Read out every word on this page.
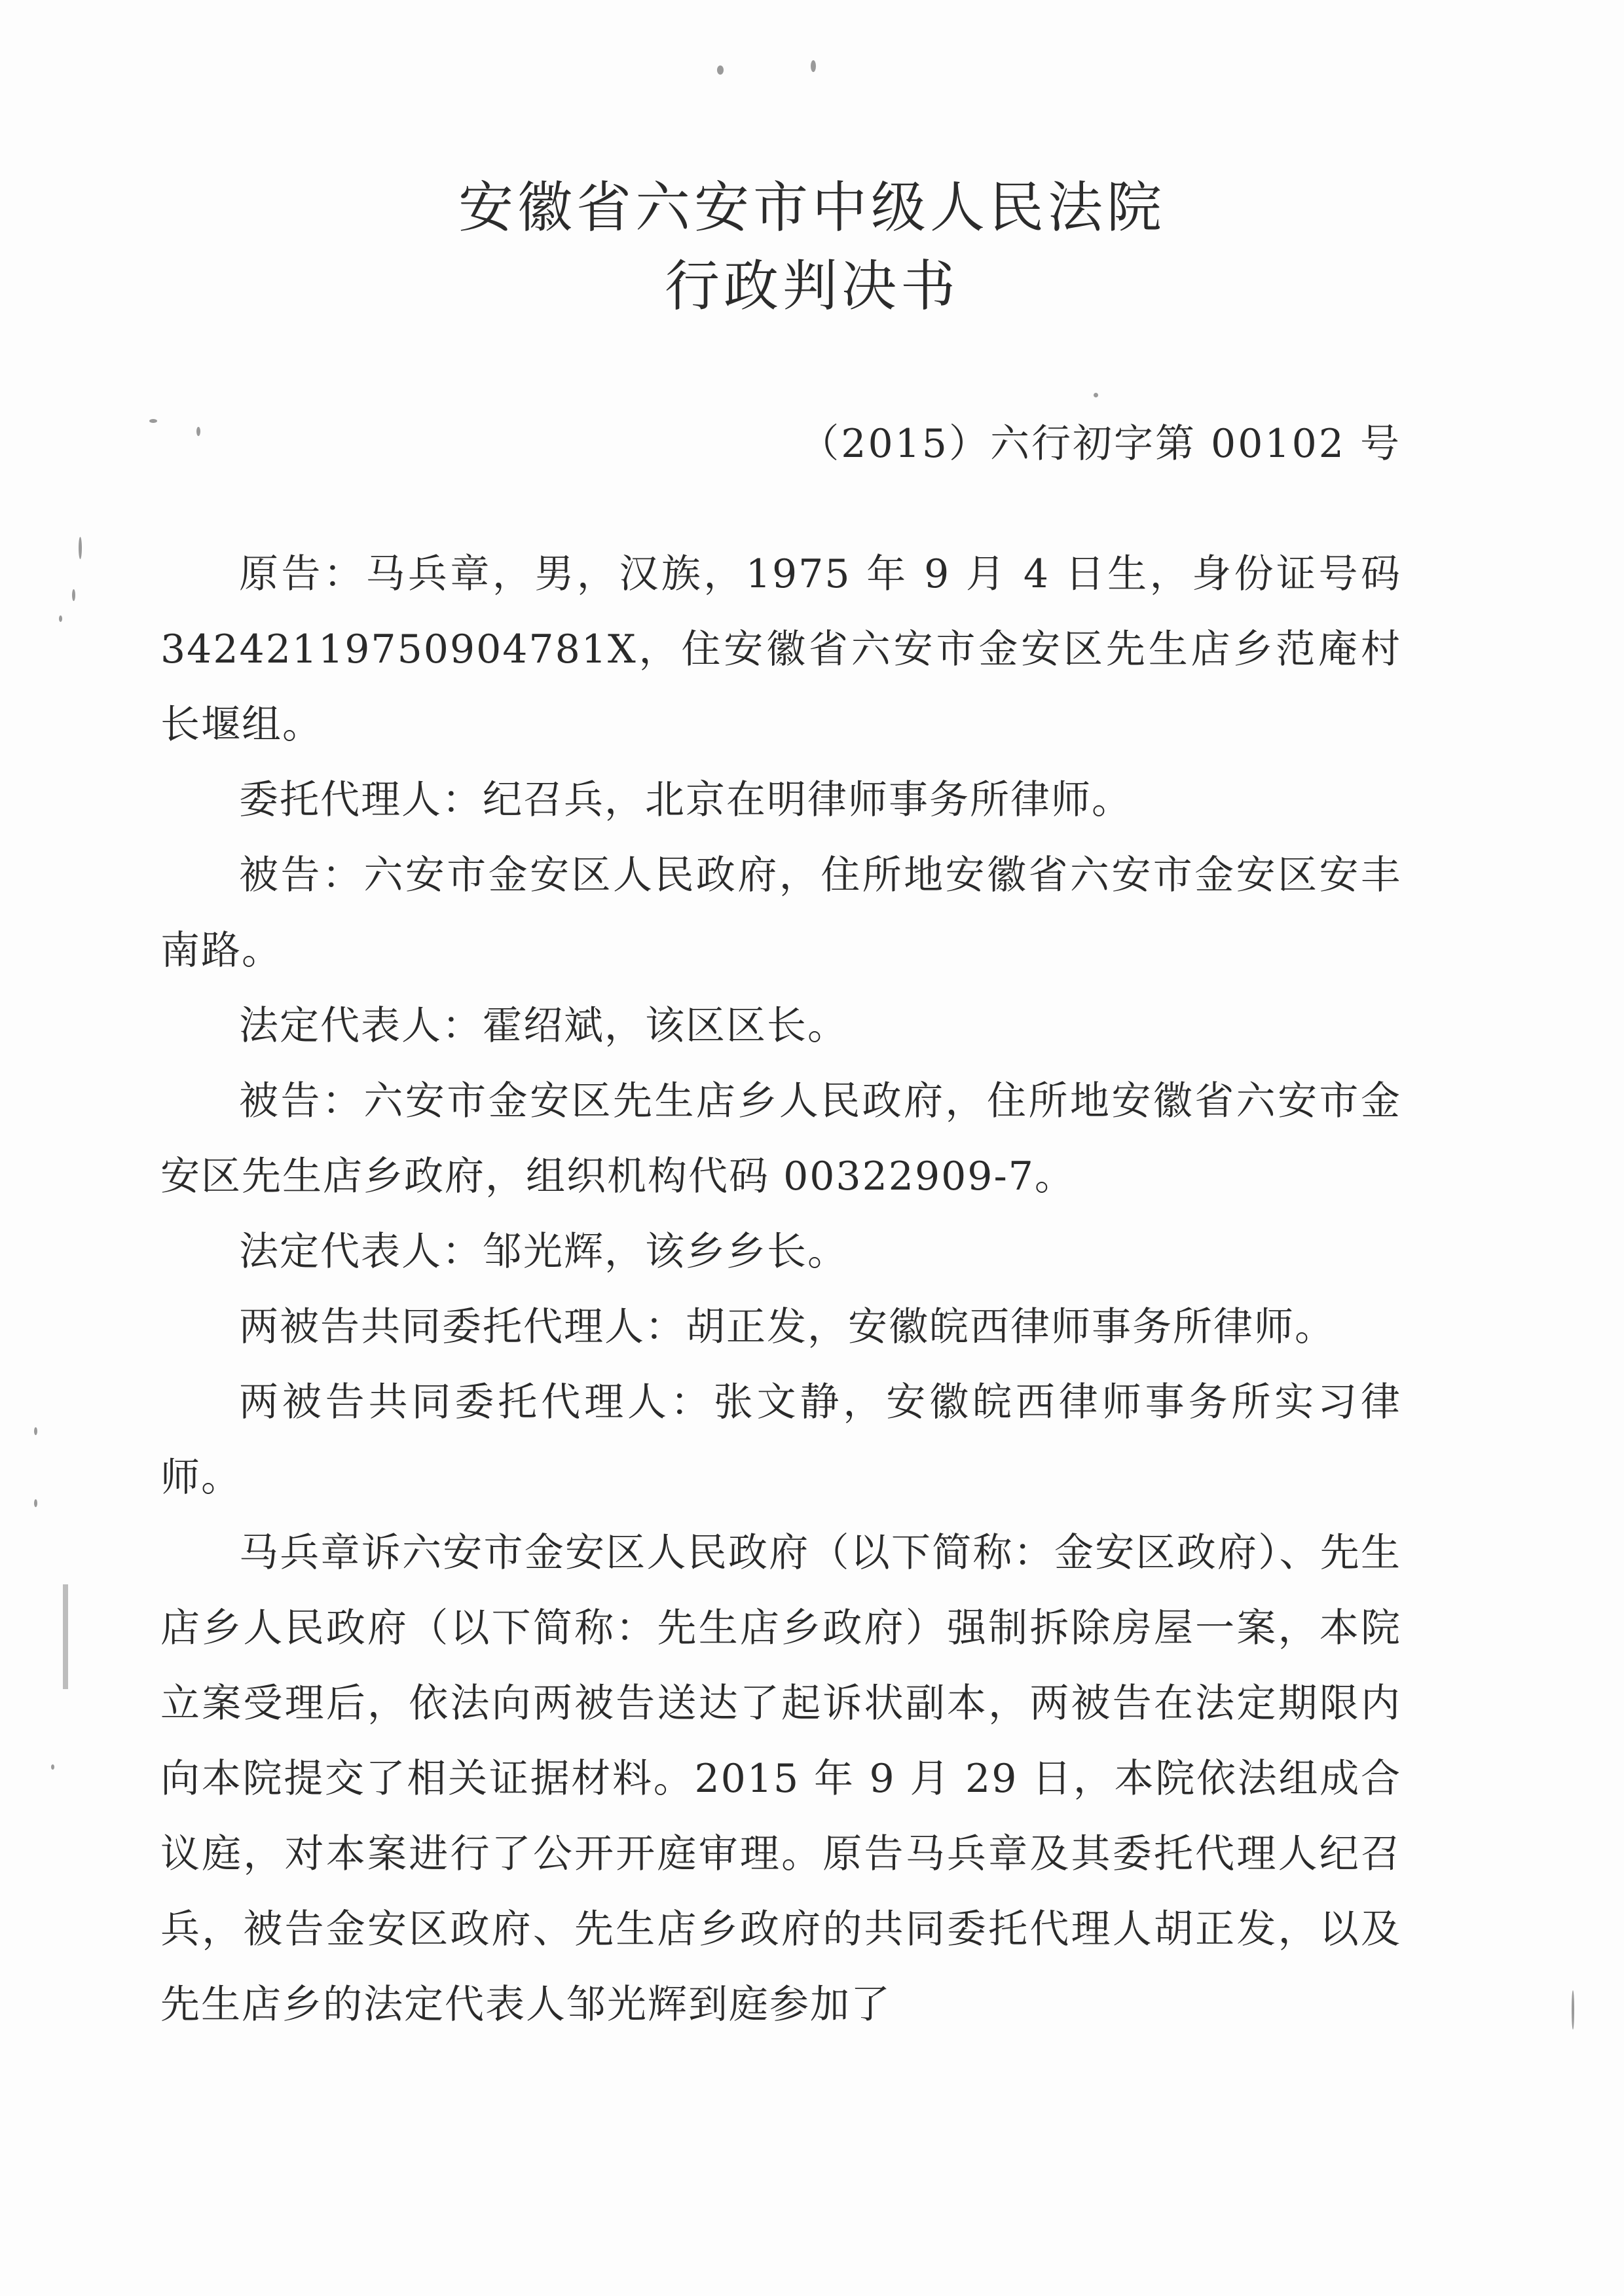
安徽省六安市中级人民法院
行政判决书
（2015）六行初字第 00102 号

原告：马兵章，男，汉族，1975 年 9 月 4 日生，身份证号码 34242119750904781X，住安徽省六安市金安区先生店乡范庵村长堰组。

委托代理人：纪召兵，北京在明律师事务所律师。

被告：六安市金安区人民政府，住所地安徽省六安市金安区安丰南路。

法定代表人：霍绍斌，该区区长。

被告：六安市金安区先生店乡人民政府，住所地安徽省六安市金安区先生店乡政府，组织机构代码 00322909-7。

法定代表人：邹光辉，该乡乡长。

两被告共同委托代理人：胡正发，安徽皖西律师事务所律师。

两被告共同委托代理人：张文静，安徽皖西律师事务所实习律师。

马兵章诉六安市金安区人民政府（以下简称：金安区政府）、先生店乡人民政府（以下简称：先生店乡政府）强制拆除房屋一案，本院立案受理后，依法向两被告送达了起诉状副本，两被告在法定期限内向本院提交了相关证据材料。2015 年 9 月 29 日，本院依法组成合议庭，对本案进行了公开开庭审理。原告马兵章及其委托代理人纪召兵，被告金安区政府、先生店乡政府的共同委托代理人胡正发，以及先生店乡的法定代表人邹光辉到庭参加了
